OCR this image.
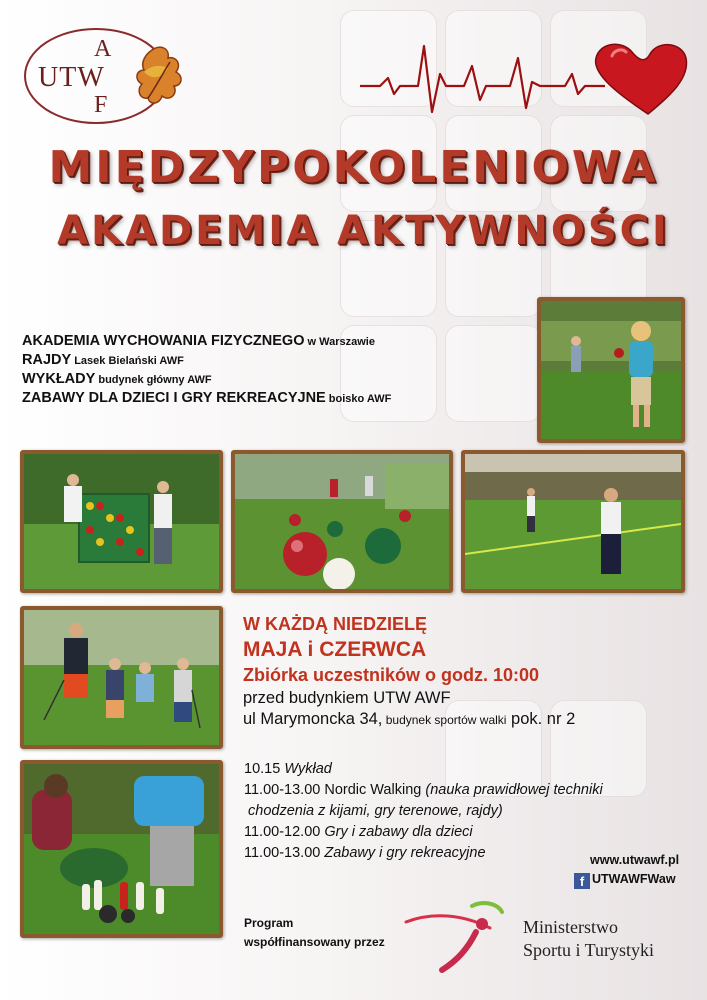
A
UTW
F
MIĘDZYPOKOLENIOWA
AKADEMIA AKTYWNOŚCI
AKADEMIA WYCHOWANIA FIZYCZNEGO w Warszawie
RAJDY Lasek Bielański AWF
WYKŁADY budynek główny AWF
ZABAWY DLA DZIECI I GRY REKREACYJNE boisko AWF
W KAŻDĄ NIEDZIELĘ
MAJA i CZERWCA
Zbiórka uczestników o godz. 10:00
przed budynkiem UTW AWF
ul Marymoncka 34, budynek sportów walki pok. nr 2
10.15 Wykład
11.00-13.00 Nordic Walking (nauka prawidłowej techniki
chodzenia z kijami, gry terenowe, rajdy)
11.00-12.00 Gry i zabawy dla dzieci
11.00-13.00 Zabawy i gry rekreacyjne	www.utwawf.pl
f UTWAWFWaw
Program
współfinansowany przez
Ministerstwo
Sportu i Turystyki
